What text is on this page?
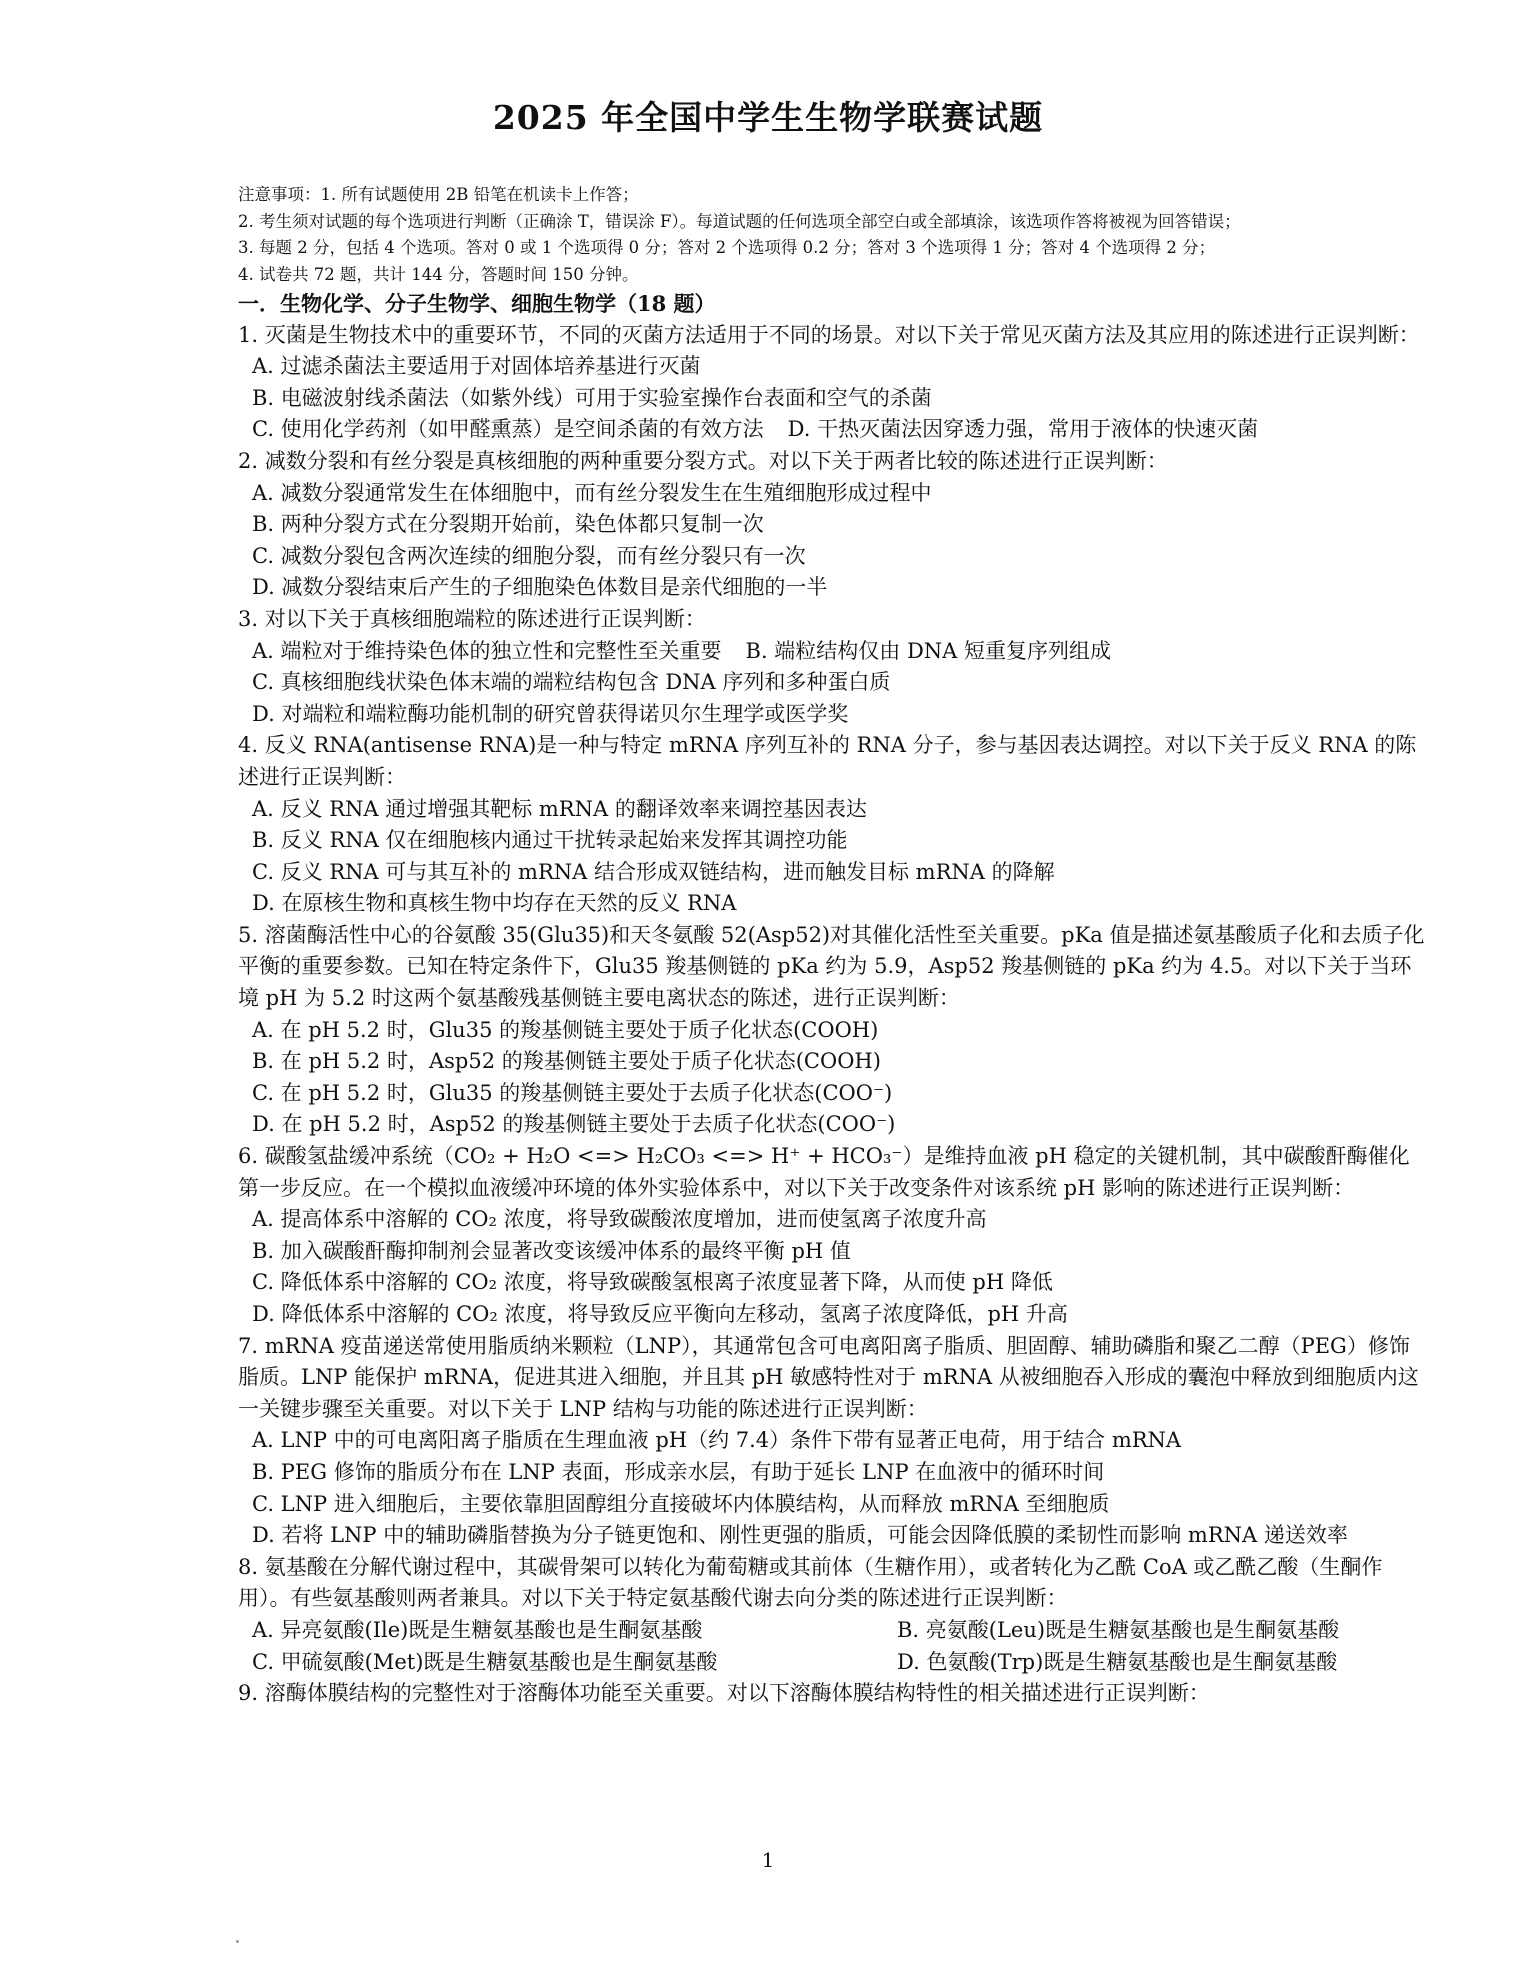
2025 年全国中学生生物学联赛试题

注意事项：1. 所有试题使用 2B 铅笔在机读卡上作答；

2. 考生须对试题的每个选项进行判断（正确涂 T，错误涂 F）。每道试题的任何选项全部空白或全部填涂，该选项作答将被视为回答错误；

3. 每题 2 分，包括 4 个选项。答对 0 或 1 个选项得 0 分；答对 2 个选项得 0.2 分；答对 3 个选项得 1 分；答对 4 个选项得 2 分；

4. 试卷共 72 题，共计 144 分，答题时间 150 分钟。

一．生物化学、分子生物学、细胞生物学（18 题）

1. 灭菌是生物技术中的重要环节，不同的灭菌方法适用于不同的场景。对以下关于常见灭菌方法及其应用的陈述进行正误判断：

A. 过滤杀菌法主要适用于对固体培养基进行灭菌

B. 电磁波射线杀菌法（如紫外线）可用于实验室操作台表面和空气的杀菌

C. 使用化学药剂（如甲醛熏蒸）是空间杀菌的有效方法 D. 干热灭菌法因穿透力强，常用于液体的快速灭菌

2. 减数分裂和有丝分裂是真核细胞的两种重要分裂方式。对以下关于两者比较的陈述进行正误判断：

A. 减数分裂通常发生在体细胞中，而有丝分裂发生在生殖细胞形成过程中

B. 两种分裂方式在分裂期开始前，染色体都只复制一次

C. 减数分裂包含两次连续的细胞分裂，而有丝分裂只有一次

D. 减数分裂结束后产生的子细胞染色体数目是亲代细胞的一半

3. 对以下关于真核细胞端粒的陈述进行正误判断：

A. 端粒对于维持染色体的独立性和完整性至关重要 B. 端粒结构仅由 DNA 短重复序列组成

C. 真核细胞线状染色体末端的端粒结构包含 DNA 序列和多种蛋白质

D. 对端粒和端粒酶功能机制的研究曾获得诺贝尔生理学或医学奖

4. 反义 RNA(antisense RNA)是一种与特定 mRNA 序列互补的 RNA 分子，参与基因表达调控。对以下关于反义 RNA 的陈述进行正误判断：

A. 反义 RNA 通过增强其靶标 mRNA 的翻译效率来调控基因表达

B. 反义 RNA 仅在细胞核内通过干扰转录起始来发挥其调控功能

C. 反义 RNA 可与其互补的 mRNA 结合形成双链结构，进而触发目标 mRNA 的降解

D. 在原核生物和真核生物中均存在天然的反义 RNA

5. 溶菌酶活性中心的谷氨酸 35(Glu35)和天冬氨酸 52(Asp52)对其催化活性至关重要。pKa 值是描述氨基酸质子化和去质子化平衡的重要参数。已知在特定条件下，Glu35 羧基侧链的 pKa 约为 5.9，Asp52 羧基侧链的 pKa 约为 4.5。对以下关于当环境 pH 为 5.2 时这两个氨基酸残基侧链主要电离状态的陈述，进行正误判断：

A. 在 pH 5.2 时，Glu35 的羧基侧链主要处于质子化状态(COOH)

B. 在 pH 5.2 时，Asp52 的羧基侧链主要处于质子化状态(COOH)

C. 在 pH 5.2 时，Glu35 的羧基侧链主要处于去质子化状态(COO⁻)

D. 在 pH 5.2 时，Asp52 的羧基侧链主要处于去质子化状态(COO⁻)

6. 碳酸氢盐缓冲系统（CO₂ + H₂O <=> H₂CO₃ <=> H⁺ + HCO₃⁻）是维持血液 pH 稳定的关键机制，其中碳酸酐酶催化第一步反应。在一个模拟血液缓冲环境的体外实验体系中，对以下关于改变条件对该系统 pH 影响的陈述进行正误判断：

A. 提高体系中溶解的 CO₂ 浓度，将导致碳酸浓度增加，进而使氢离子浓度升高

B. 加入碳酸酐酶抑制剂会显著改变该缓冲体系的最终平衡 pH 值

C. 降低体系中溶解的 CO₂ 浓度，将导致碳酸氢根离子浓度显著下降，从而使 pH 降低

D. 降低体系中溶解的 CO₂ 浓度，将导致反应平衡向左移动，氢离子浓度降低，pH 升高

7. mRNA 疫苗递送常使用脂质纳米颗粒（LNP），其通常包含可电离阳离子脂质、胆固醇、辅助磷脂和聚乙二醇（PEG）修饰脂质。LNP 能保护 mRNA，促进其进入细胞，并且其 pH 敏感特性对于 mRNA 从被细胞吞入形成的囊泡中释放到细胞质内这一关键步骤至关重要。对以下关于 LNP 结构与功能的陈述进行正误判断：

A. LNP 中的可电离阳离子脂质在生理血液 pH（约 7.4）条件下带有显著正电荷，用于结合 mRNA

B. PEG 修饰的脂质分布在 LNP 表面，形成亲水层，有助于延长 LNP 在血液中的循环时间

C. LNP 进入细胞后，主要依靠胆固醇组分直接破坏内体膜结构，从而释放 mRNA 至细胞质

D. 若将 LNP 中的辅助磷脂替换为分子链更饱和、刚性更强的脂质，可能会因降低膜的柔韧性而影响 mRNA 递送效率

8. 氨基酸在分解代谢过程中，其碳骨架可以转化为葡萄糖或其前体（生糖作用），或者转化为乙酰 CoA 或乙酰乙酸（生酮作用）。有些氨基酸则两者兼具。对以下关于特定氨基酸代谢去向分类的陈述进行正误判断：

A. 异亮氨酸(Ile)既是生糖氨基酸也是生酮氨基酸	B. 亮氨酸(Leu)既是生糖氨基酸也是生酮氨基酸
C. 甲硫氨酸(Met)既是生糖氨基酸也是生酮氨基酸	D. 色氨酸(Trp)既是生糖氨基酸也是生酮氨基酸

9. 溶酶体膜结构的完整性对于溶酶体功能至关重要。对以下溶酶体膜结构特性的相关描述进行正误判断：

1
